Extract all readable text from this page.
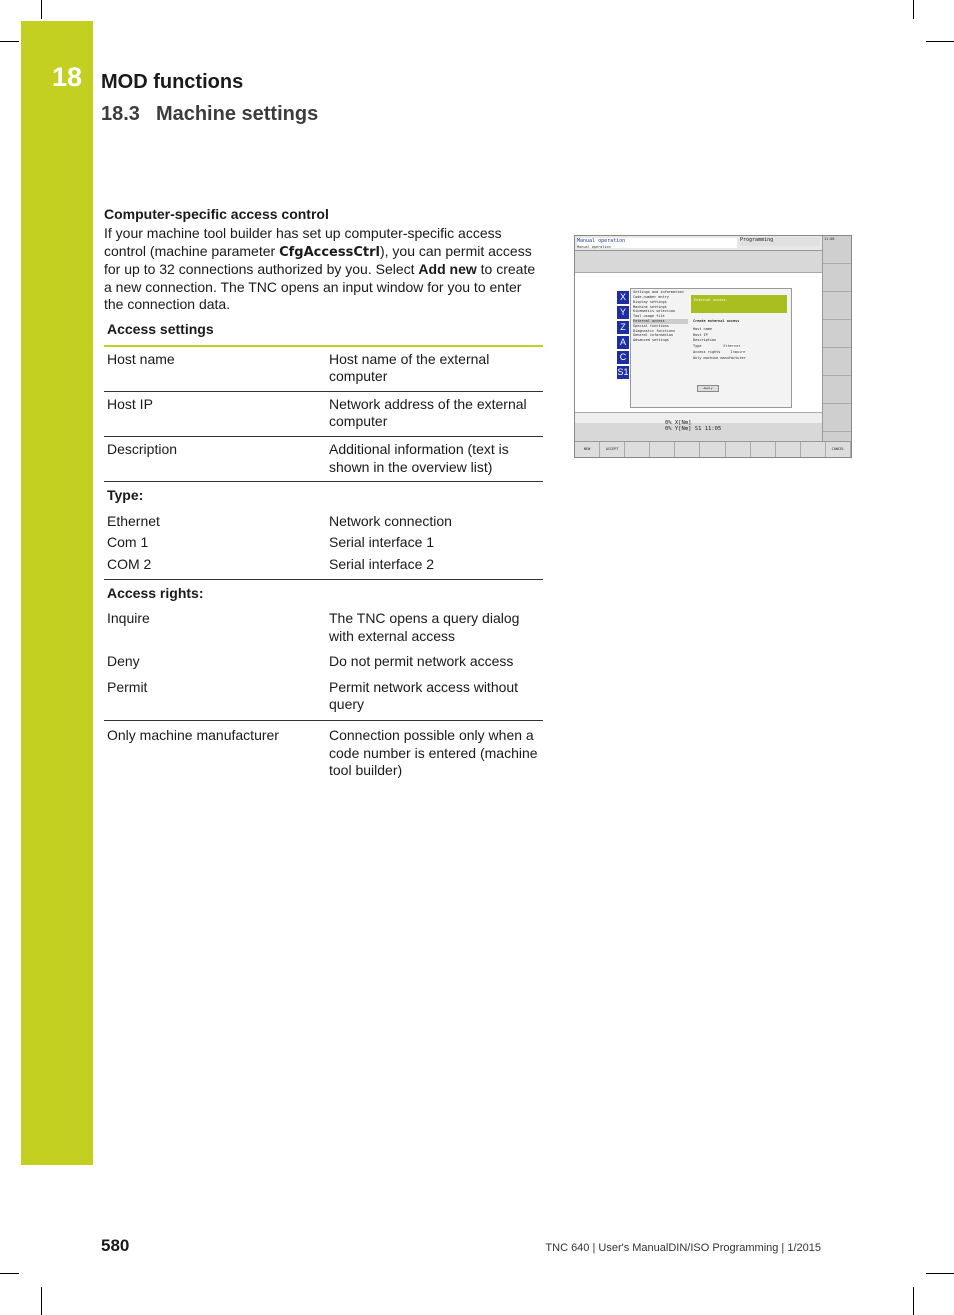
18 MOD functions
18.3 Machine settings
Computer-specific access control
If your machine tool builder has set up computer-specific access control (machine parameter CfgAccessCtrl), you can permit access for up to 32 connections authorized by you. Select Add new to create a new connection. The TNC opens an input window for you to enter the connection data.
Access settings	
Host name	Host name of the external computer
Host IP	Network address of the external computer
Description	Additional information (text is shown in the overview list)
Type:	
Ethernet	Network connection
Com 1	Serial interface 1
COM 2	Serial interface 2
Access rights:	
Inquire	The TNC opens a query dialog with external access
Deny	Do not permit network access
Permit	Permit network access without query
Only machine manufacturer	Connection possible only when a code number is entered (machine tool builder)
Manual operation
Manual operation
Programming
X
Y
Z
A
C
S1
Settings and information
Code-number entry
Display settings
Machine settings
Kinematics selection
Tool usage file
External access
Special functions
Diagnostic functions
General information
Advanced settings
External access
Create external access
Host name
Host IP
Description
Type	Ethernet
Access rights	Inquire
Only machine manufacturer
Apply
0% X[Nm]
0% Y[Nm] S1 11:05
11:05
NEW	ACCEPT	CANCEL
580	TNC 640 | User's ManualDIN/ISO Programming | 1/2015
